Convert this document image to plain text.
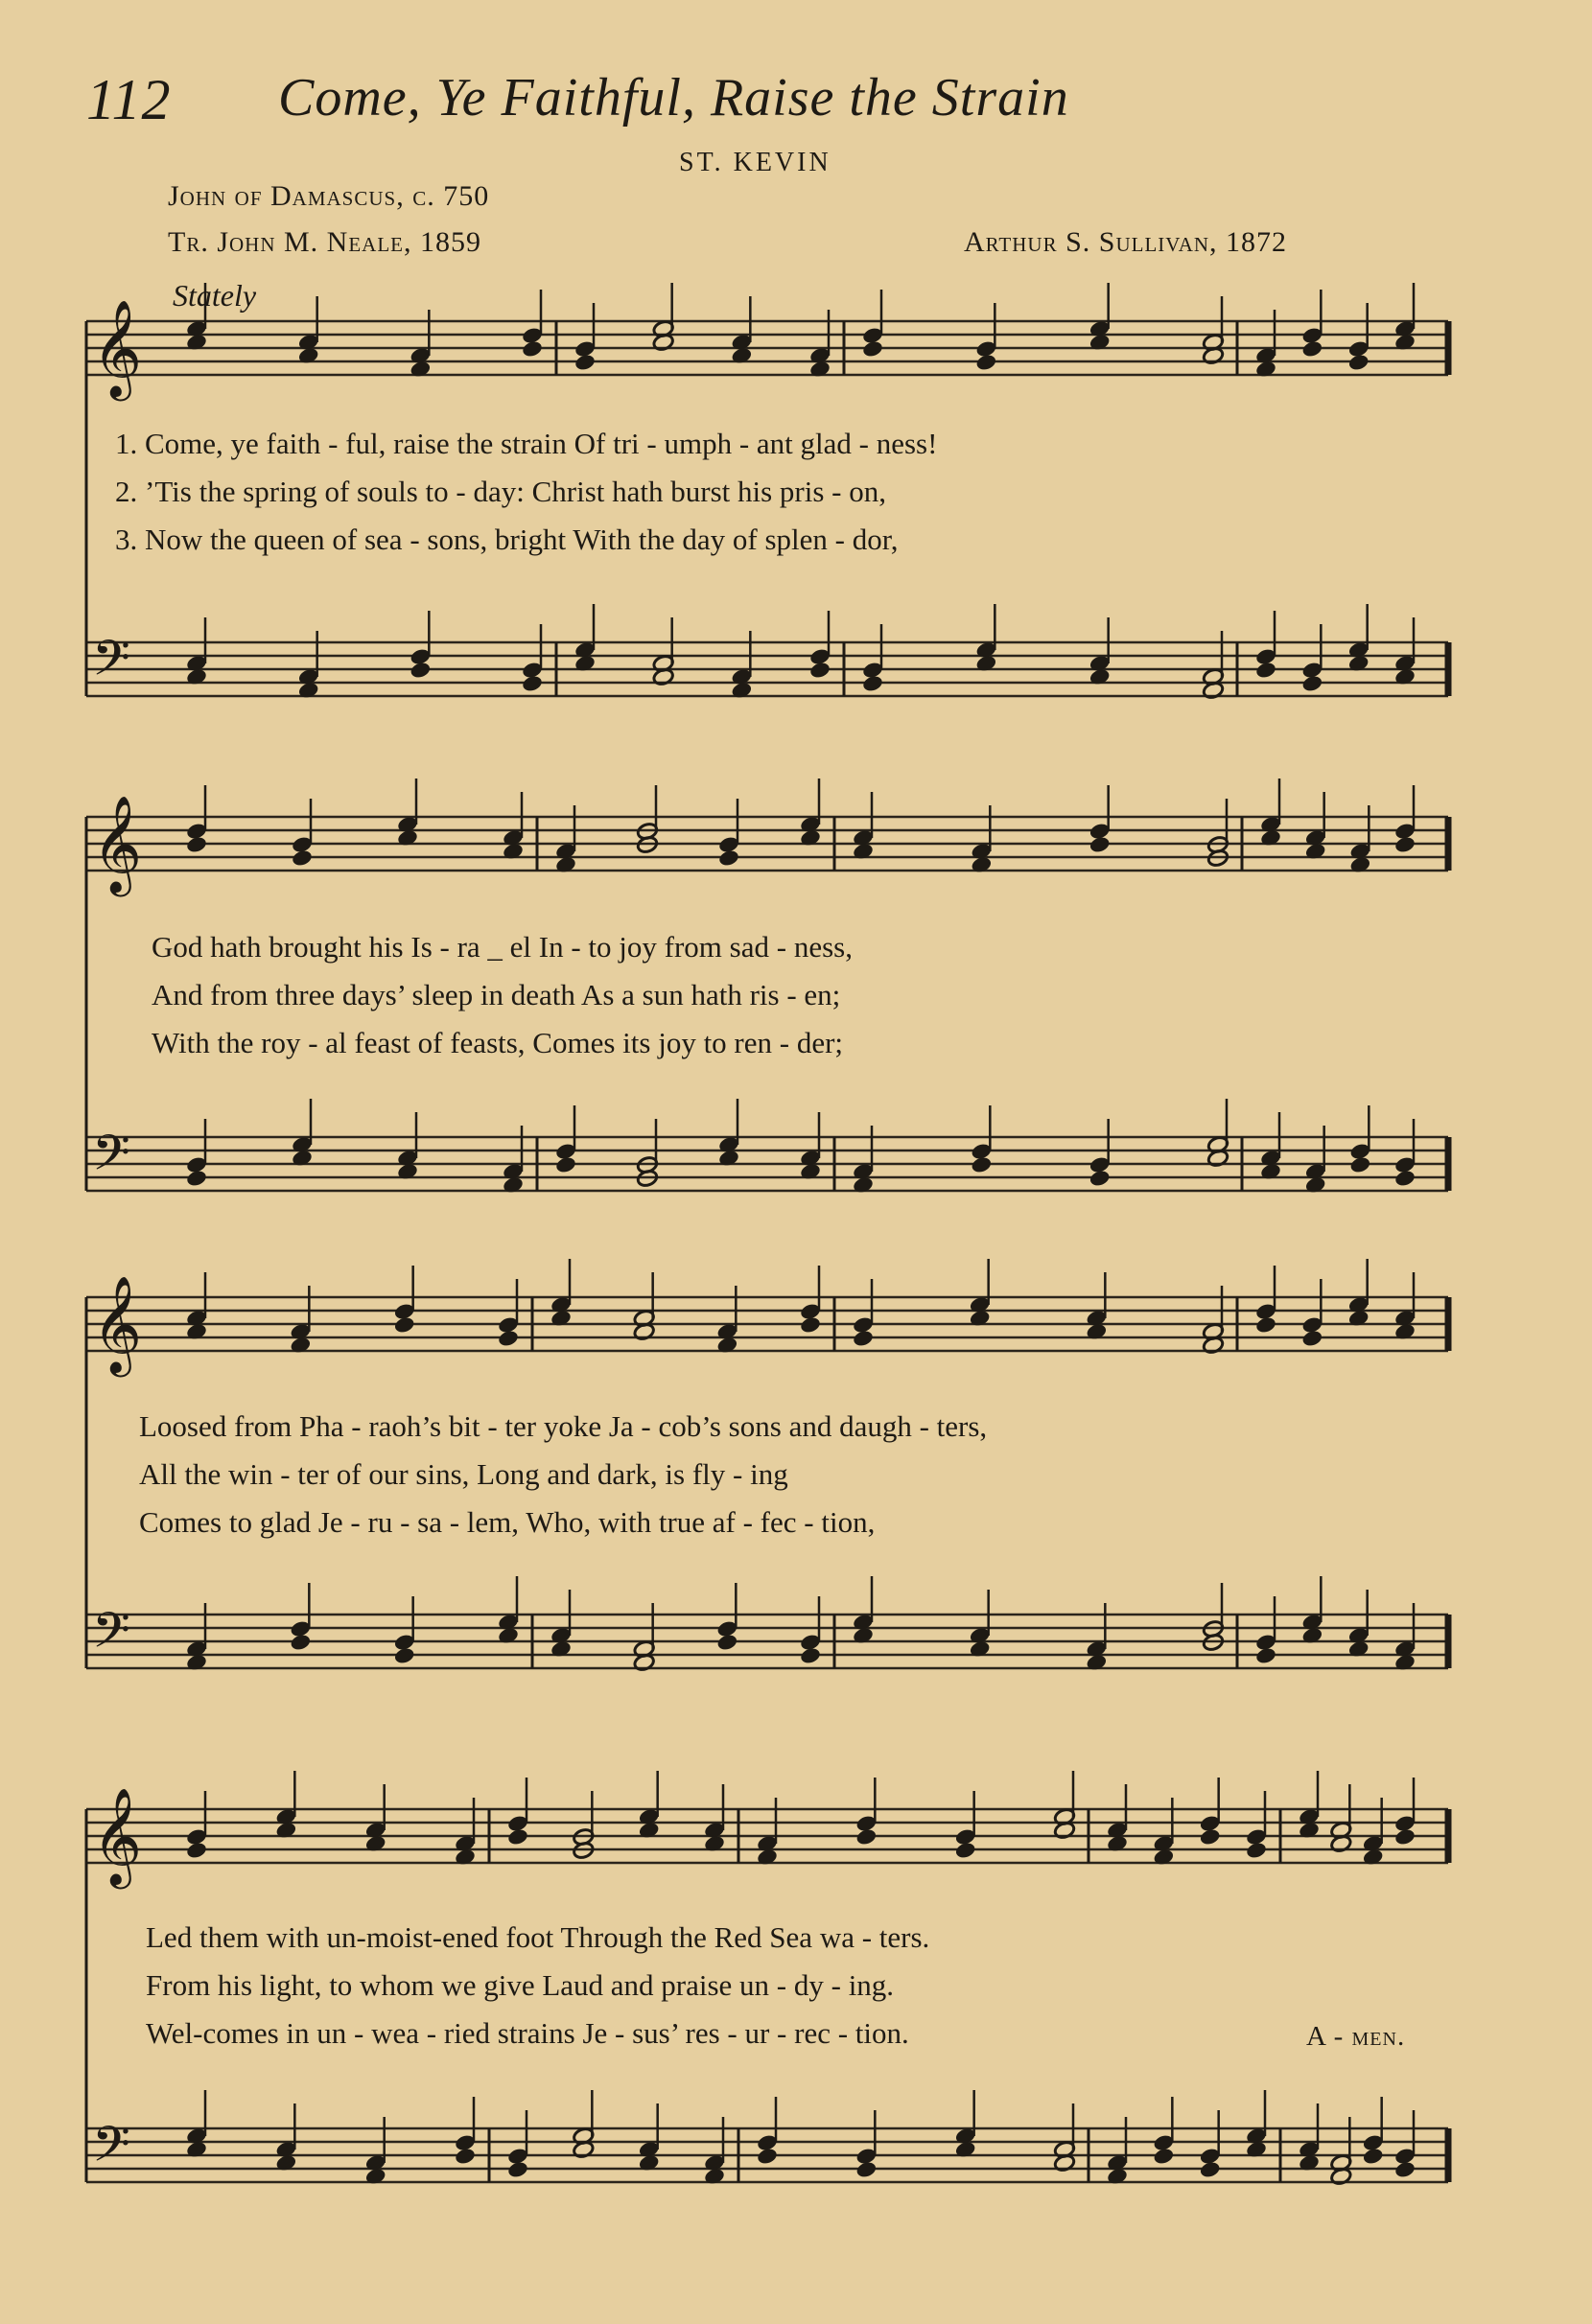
112 Come, Ye Faithful, Raise the Strain
ST. KEVIN
John of Damascus, c. 750
Tr. John M. Neale, 1859	Arthur S. Sullivan, 1872
Stately
𝄞
𝄢
𝄞
𝄢
𝄞
𝄢
𝄞
𝄢
1. Come, ye faith - ful, raise the strain Of tri - umph - ant glad - ness!
2. ’Tis the spring of souls to - day: Christ hath burst his pris - on,
3. Now the queen of sea - sons, bright With the day of splen - dor,
God hath brought his Is - ra _ el In - to joy from sad - ness,
And from three days’ sleep in death As a sun hath ris - en;
With the roy - al feast of feasts, Comes its joy to ren - der;
Loosed from Pha - raoh’s bit - ter yoke Ja - cob’s sons and daugh - ters,
All the win - ter of our sins, Long and dark, is fly - ing
Comes to glad Je - ru - sa - lem, Who, with true af - fec - tion,
Led them with un-moist-ened foot Through the Red Sea wa - ters.
From his light, to whom we give Laud and praise un - dy - ing.
Wel-comes in un - wea - ried strains Je - sus’ res - ur - rec - tion.	A - men.
